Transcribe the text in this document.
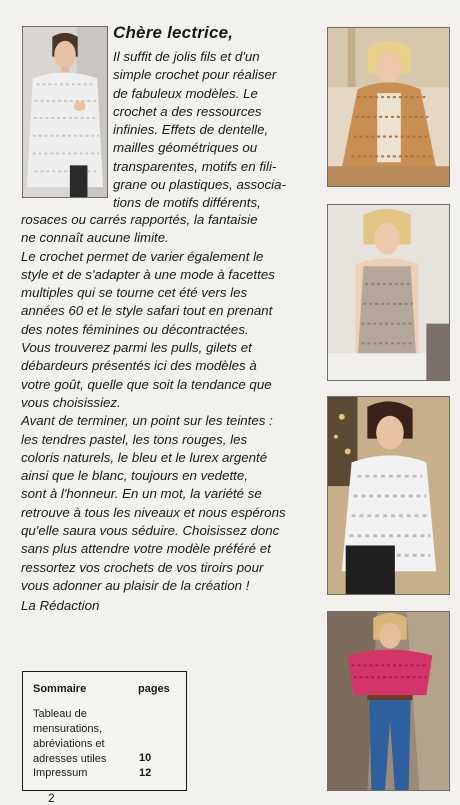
Chère lectrice,

Il suffit de jolis fils et d'un
simple crochet pour réaliser
de fabuleux modèles. Le
crochet a des ressources
infinies. Effets de dentelle,
mailles géométriques ou
transparentes, motifs en fili-
grane ou plastiques, associa-
tions de motifs différents,

rosaces ou carrés rapportés, la fantaisie
ne connaît aucune limite.
Le crochet permet de varier également le
style et de s'adapter à une mode à facettes
multiples qui se tourne cet été vers les
années 60 et le style safari tout en prenant
des notes féminines ou décontractées.
Vous trouverez parmi les pulls, gilets et
débardeurs présentés ici des modèles à
votre goût, quelle que soit la tendance que
vous choisissiez.
Avant de terminer, un point sur les teintes :
les tendres pastel, les tons rouges, les
coloris naturels, le bleu et le lurex argenté
ainsi que le blanc, toujours en vedette,
sont à l'honneur. En un mot, la variété se
retrouve à tous les niveaux et nous espérons
qu'elle saura vous séduire. Choisissez donc
sans plus attendre votre modèle préféré et
ressortez vos crochets de vos tiroirs pour
vous adonner au plaisir de la création !

La Rédaction

Sommaire	pages
Tableau de mensurations, abréviations et adresses utiles	10
Impressum	12
2
